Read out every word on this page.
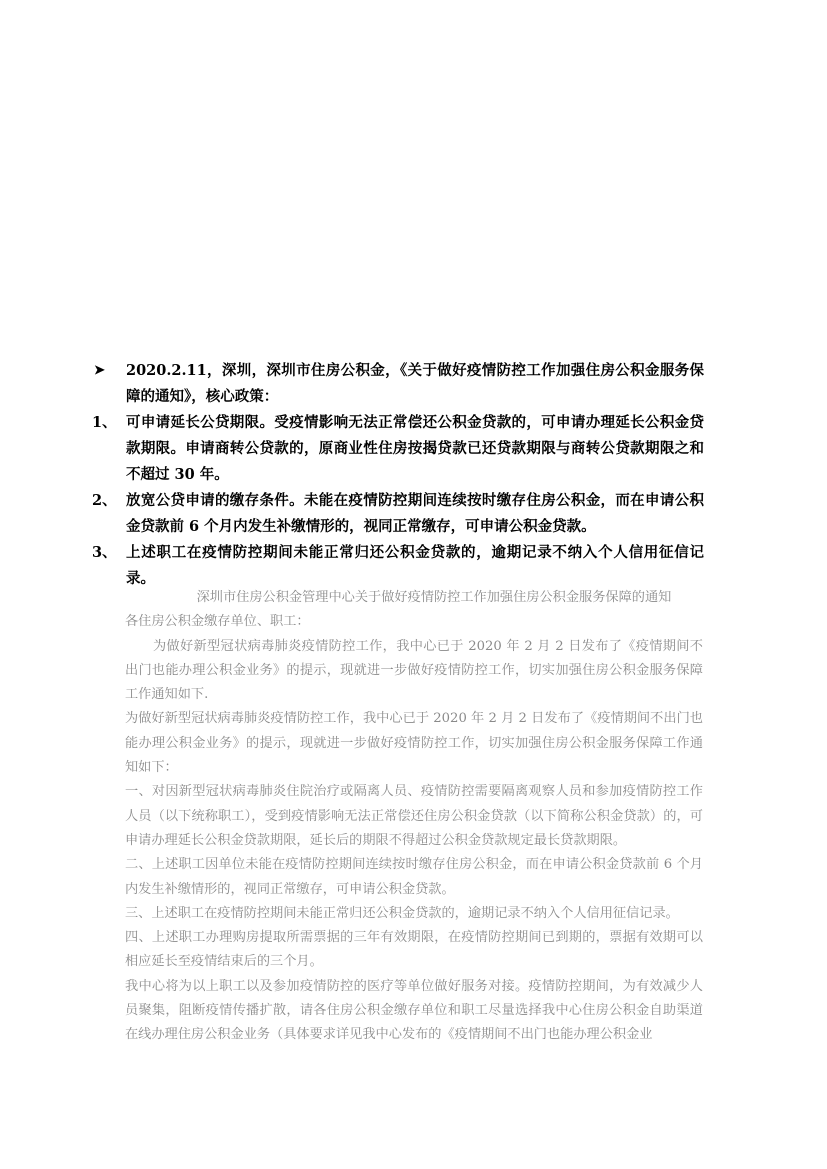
➤	2020.2.11，深圳，深圳市住房公积金，《关于做好疫情防控工作加强住房公积金服务保障的通知》，核心政策：
1、 可申请延长公贷期限。受疫情影响无法正常偿还公积金贷款的，可申请办理延长公积金贷款期限。申请商转公贷款的，原商业性住房按揭贷款已还贷款期限与商转公贷款期限之和不超过 30 年。
2、 放宽公贷申请的缴存条件。未能在疫情防控期间连续按时缴存住房公积金，而在申请公积金贷款前 6 个月内发生补缴情形的，视同正常缴存，可申请公积金贷款。
3、 上述职工在疫情防控期间未能正常归还公积金贷款的，逾期记录不纳入个人信用征信记录。

深圳市住房公积金管理中心关于做好疫情防控工作加强住房公积金服务保障的通知

各住房公积金缴存单位、职工：

为做好新型冠状病毒肺炎疫情防控工作，我中心已于 2020 年 2 月 2 日发布了《疫情期间不出门也能办理公积金业务》的提示，现就进一步做好疫情防控工作，切实加强住房公积金服务保障工作通知如下.

为做好新型冠状病毒肺炎疫情防控工作，我中心已于 2020 年 2 月 2 日发布了《疫情期间不出门也能办理公积金业务》的提示，现就进一步做好疫情防控工作，切实加强住房公积金服务保障工作通知如下：

一、对因新型冠状病毒肺炎住院治疗或隔离人员、疫情防控需要隔离观察人员和参加疫情防控工作人员（以下统称职工），受到疫情影响无法正常偿还住房公积金贷款（以下简称公积金贷款）的，可申请办理延长公积金贷款期限，延长后的期限不得超过公积金贷款规定最长贷款期限。

二、上述职工因单位未能在疫情防控期间连续按时缴存住房公积金，而在申请公积金贷款前 6 个月内发生补缴情形的，视同正常缴存，可申请公积金贷款。

三、上述职工在疫情防控期间未能正常归还公积金贷款的，逾期记录不纳入个人信用征信记录。

四、上述职工办理购房提取所需票据的三年有效期限，在疫情防控期间已到期的，票据有效期可以相应延长至疫情结束后的三个月。

我中心将为以上职工以及参加疫情防控的医疗等单位做好服务对接。疫情防控期间，为有效减少人员聚集，阻断疫情传播扩散，请各住房公积金缴存单位和职工尽量选择我中心住房公积金自助渠道在线办理住房公积金业务（具体要求详见我中心发布的《疫情期间不出门也能办理公积金业
